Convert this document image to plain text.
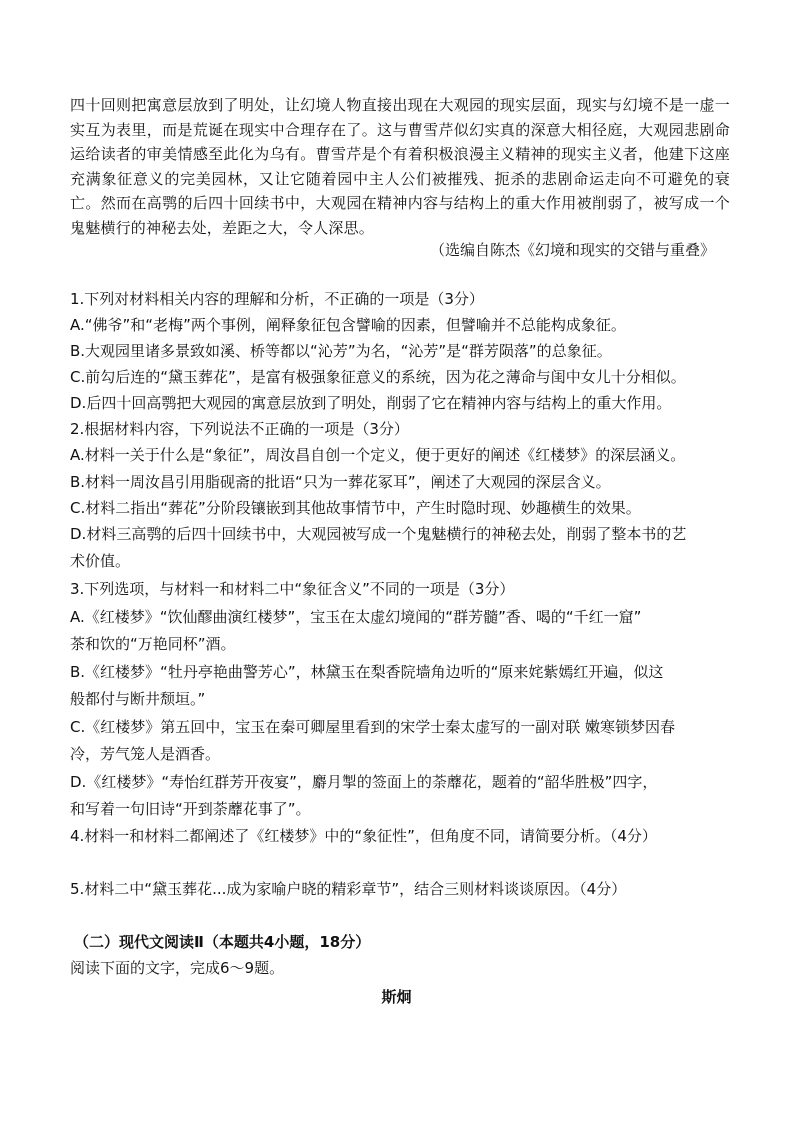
四十回则把寓意层放到了明处，让幻境人物直接出现在大观园的现实层面，现实与幻境不是一虚一实互为表里，而是荒诞在现实中合理存在了。这与曹雪芹似幻实真的深意大相径庭，大观园悲剧命运给读者的审美情感至此化为乌有。曹雪芹是个有着积极浪漫主义精神的现实主义者，他建下这座充满象征意义的完美园林，又让它随着园中主人公们被摧残、扼杀的悲剧命运走向不可避免的衰亡。然而在高鹗的后四十回续书中，大观园在精神内容与结构上的重大作用被削弱了，被写成一个鬼魅横行的神秘去处，差距之大，令人深思。

（选编自陈杰《幻境和现实的交错与重叠》
1.下列对材料相关内容的理解和分析，不正确的一项是（3分）
A.“佛爷”和“老梅”两个事例，阐释象征包含譬喻的因素，但譬喻并不总能构成象征。
B.大观园里诸多景致如溪、桥等都以“沁芳”为名，“沁芳”是“群芳陨落”的总象征。
C.前勾后连的“黛玉葬花”，是富有极强象征意义的系统，因为花之薄命与闺中女儿十分相似。
D.后四十回高鹗把大观园的寓意层放到了明处，削弱了它在精神内容与结构上的重大作用。
2.根据材料内容，下列说法不正确的一项是（3分）
A.材料一关于什么是“象征”，周汝昌自创一个定义，便于更好的阐述《红楼梦》的深层涵义。
B.材料一周汝昌引用脂砚斋的批语“只为一葬花冢耳”，阐述了大观园的深层含义。
C.材料二指出“葬花”分阶段镶嵌到其他故事情节中，产生时隐时现、妙趣横生的效果。
D.材料三高鹗的后四十回续书中，大观园被写成一个鬼魅横行的神秘去处，削弱了整本书的艺
术价值。
3.下列选项，与材料一和材料二中“象征含义”不同的一项是（3分）
A.《红楼梦》“饮仙醪曲演红楼梦”，宝玉在太虚幻境闻的“群芳髓”香、喝的“千红一窟”
茶和饮的“万艳同杯”酒。
B.《红楼梦》“牡丹亭艳曲警芳心”，林黛玉在梨香院墙角边听的“原来姹紫嫣红开遍，似这
般都付与断井颓垣。”
C.《红楼梦》第五回中，宝玉在秦可卿屋里看到的宋学士秦太虚写的一副对联 嫩寒锁梦因春
冷，芳气笼人是酒香。
D.《红楼梦》“寿怡红群芳开夜宴”，麝月掣的签面上的荼蘼花，题着的“韶华胜极”四字，
和写着一句旧诗“开到荼蘼花事了”。
4.材料一和材料二都阐述了《红楼梦》中的“象征性”，但角度不同，请简要分析。（4分）
5.材料二中“黛玉葬花...成为家喻户晓的精彩章节”，结合三则材料谈谈原因。（4分）
（二）现代文阅读Ⅱ（本题共4小题，18分）
阅读下面的文字，完成6～9题。
斯炯
